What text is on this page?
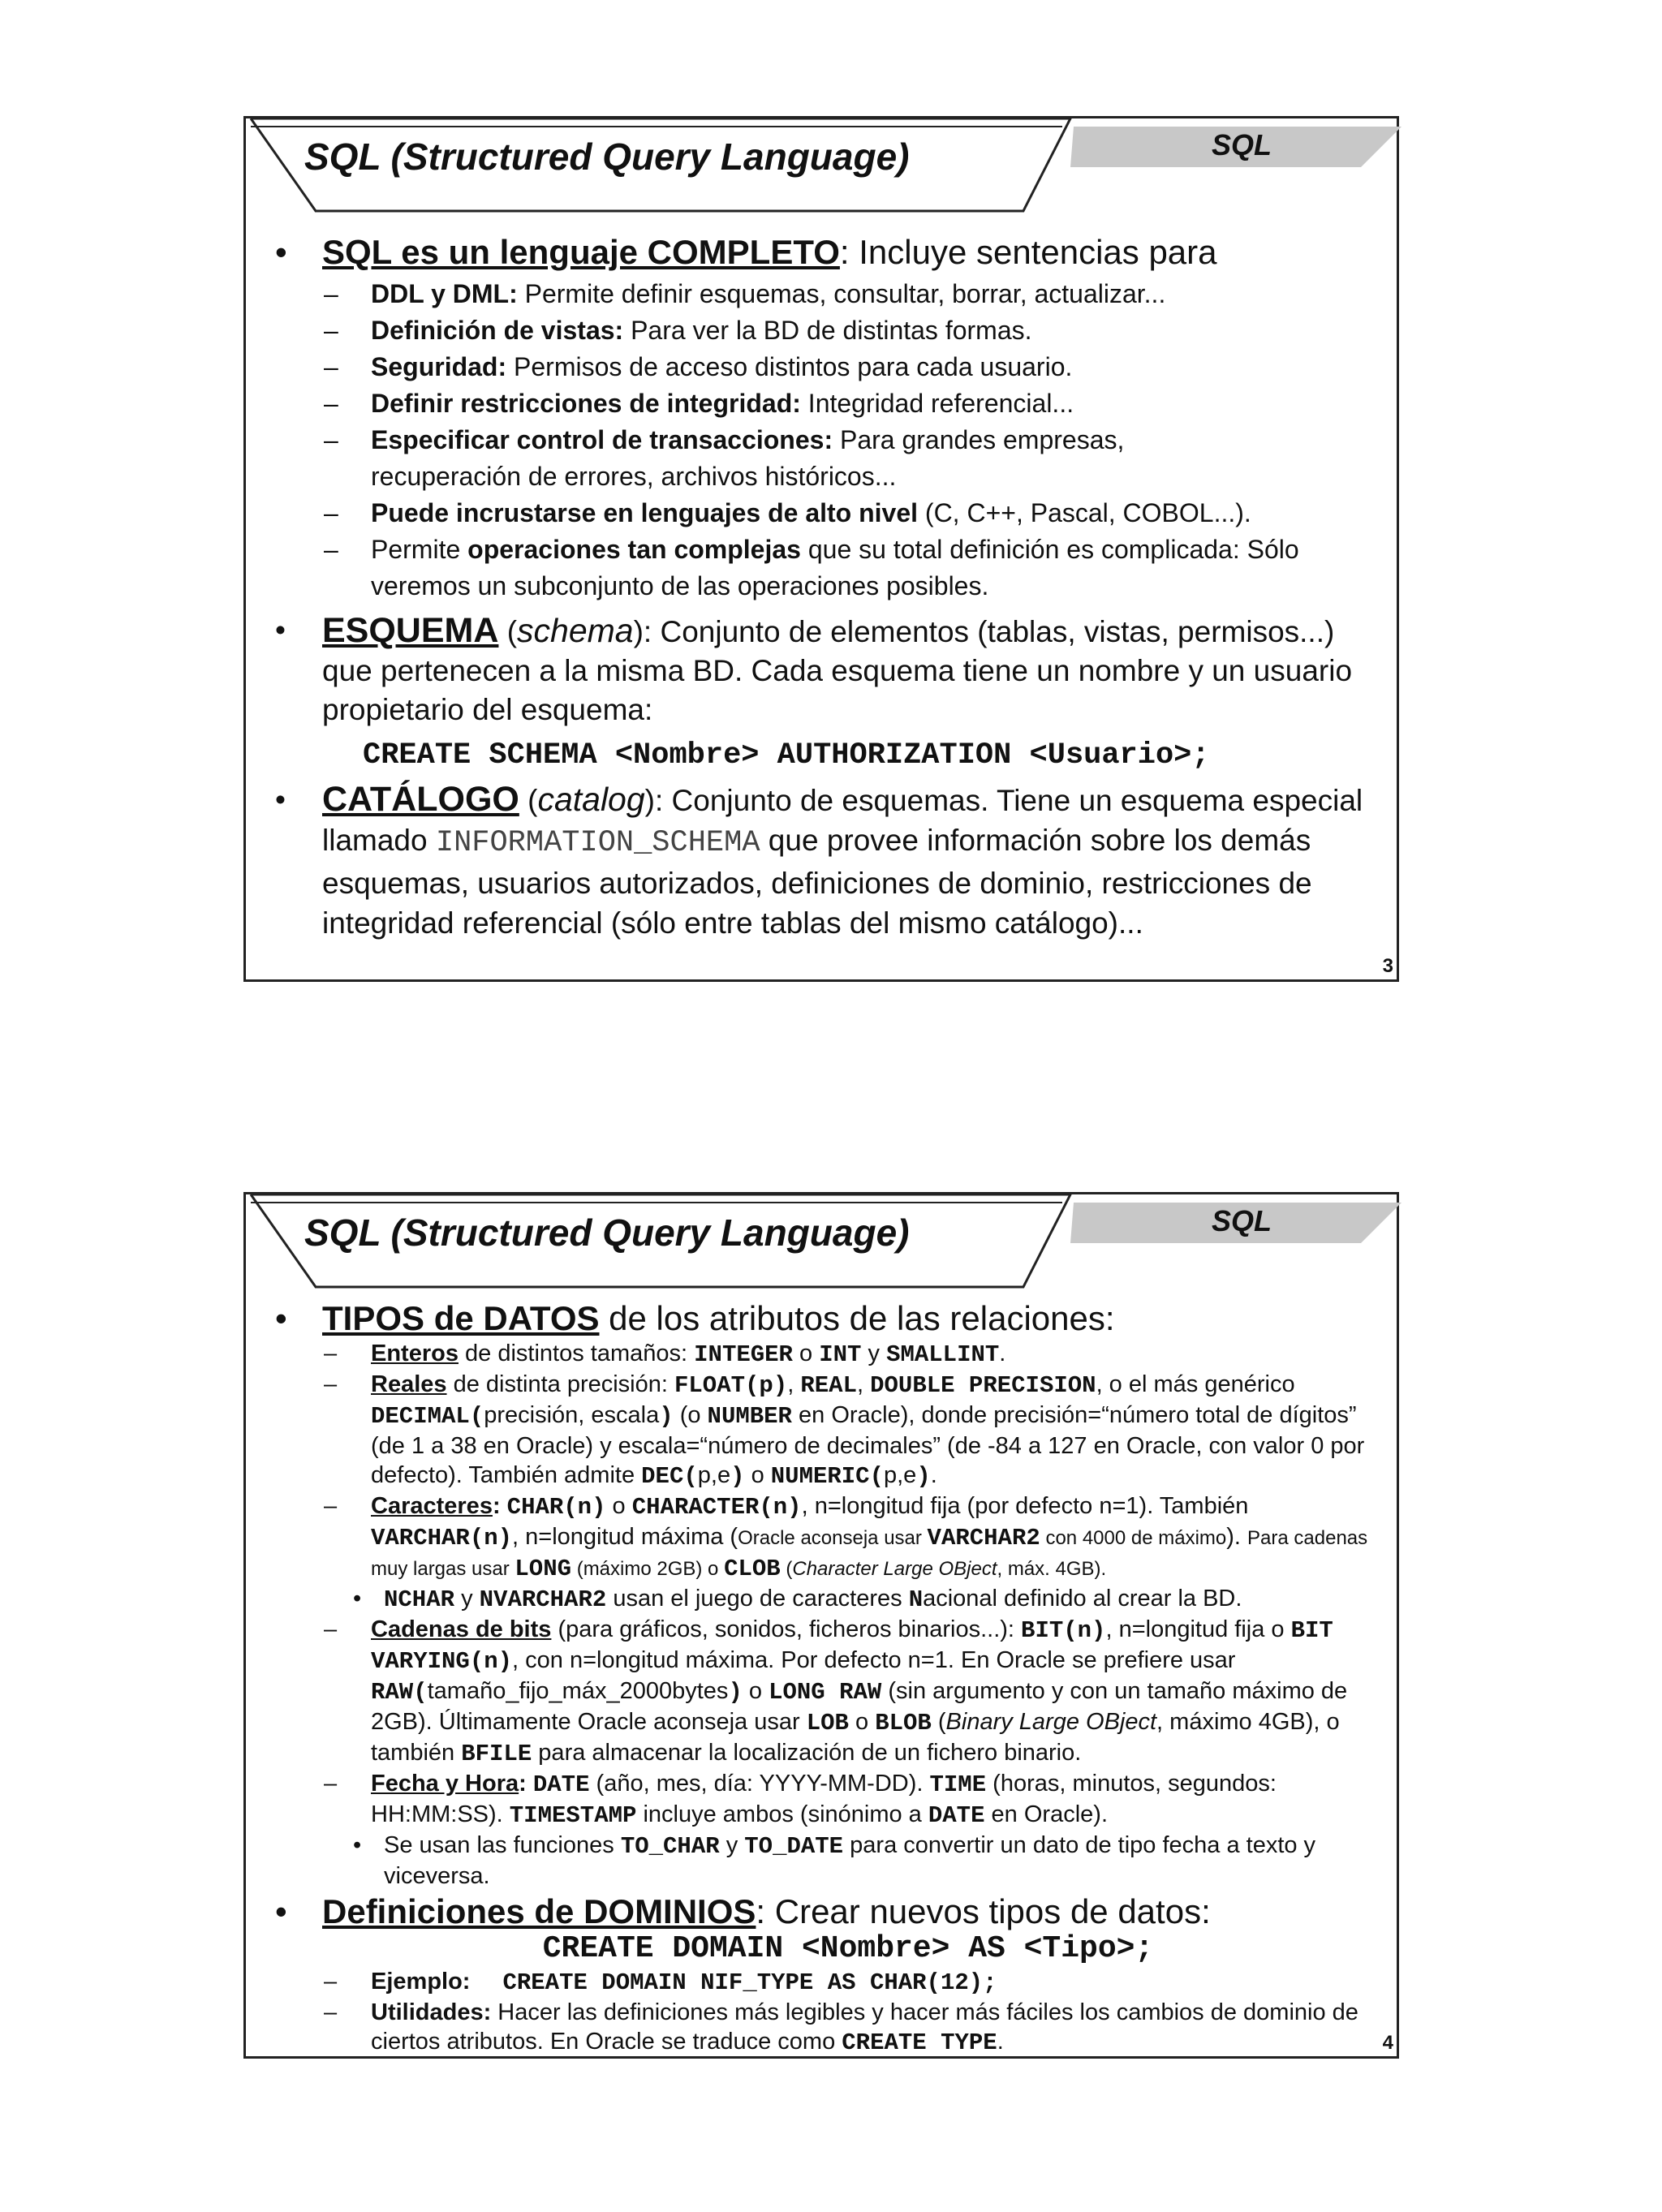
SQL (Structured Query Language)	SQL
• SQL es un lenguaje COMPLETO: Incluye sentencias para
– DDL y DML: Permite definir esquemas, consultar, borrar, actualizar...
– Definición de vistas: Para ver la BD de distintas formas.
– Seguridad: Permisos de acceso distintos para cada usuario.
– Definir restricciones de integridad: Integridad referencial...
– Especificar control de transacciones: Para grandes empresas, recuperación de errores, archivos históricos...
– Puede incrustarse en lenguajes de alto nivel (C, C++, Pascal, COBOL...).
– Permite operaciones tan complejas que su total definición es complicada: Sólo veremos un subconjunto de las operaciones posibles.
• ESQUEMA (schema): Conjunto de elementos (tablas, vistas, permisos...) que pertenecen a la misma BD. Cada esquema tiene un nombre y un usuario propietario del esquema:
CREATE SCHEMA <Nombre> AUTHORIZATION <Usuario>;
• CATÁLOGO (catalog): Conjunto de esquemas. Tiene un esquema especial llamado INFORMATION_SCHEMA que provee información sobre los demás esquemas, usuarios autorizados, definiciones de dominio, restricciones de integridad referencial (sólo entre tablas del mismo catálogo)...
3
SQL (Structured Query Language)	SQL
• TIPOS de DATOS de los atributos de las relaciones:
– Enteros de distintos tamaños: INTEGER o INT y SMALLINT.
– Reales de distinta precisión: FLOAT(p), REAL, DOUBLE PRECISION, o el más genérico DECIMAL(precisión, escala) (o NUMBER en Oracle), donde precisión=“número total de dígitos” (de 1 a 38 en Oracle) y escala=“número de decimales” (de -84 a 127 en Oracle, con valor 0 por defecto). También admite DEC(p,e) o NUMERIC(p,e).
– Caracteres: CHAR(n) o CHARACTER(n), n=longitud fija (por defecto n=1). También VARCHAR(n), n=longitud máxima (Oracle aconseja usar VARCHAR2 con 4000 de máximo). Para cadenas muy largas usar LONG (máximo 2GB) o CLOB (Character Large OBject, máx. 4GB).
• NCHAR y NVARCHAR2 usan el juego de caracteres Nacional definido al crear la BD.
– Cadenas de bits (para gráficos, sonidos, ficheros binarios...): BIT(n), n=longitud fija o BIT VARYING(n), con n=longitud máxima. Por defecto n=1. En Oracle se prefiere usar RAW(tamaño_fijo_máx_2000bytes) o LONG RAW (sin argumento y con un tamaño máximo de 2GB). Últimamente Oracle aconseja usar LOB o BLOB (Binary Large OBject, máximo 4GB), o también BFILE para almacenar la localización de un fichero binario.
– Fecha y Hora: DATE (año, mes, día: YYYY-MM-DD). TIME (horas, minutos, segundos: HH:MM:SS). TIMESTAMP incluye ambos (sinónimo a DATE en Oracle).
• Se usan las funciones TO_CHAR y TO_DATE para convertir un dato de tipo fecha a texto y viceversa.
• Definiciones de DOMINIOS: Crear nuevos tipos de datos:
CREATE DOMAIN <Nombre> AS <Tipo>;
– Ejemplo: CREATE DOMAIN NIF_TYPE AS CHAR(12);
– Utilidades: Hacer las definiciones más legibles y hacer más fáciles los cambios de dominio de ciertos atributos. En Oracle se traduce como CREATE TYPE.	4
